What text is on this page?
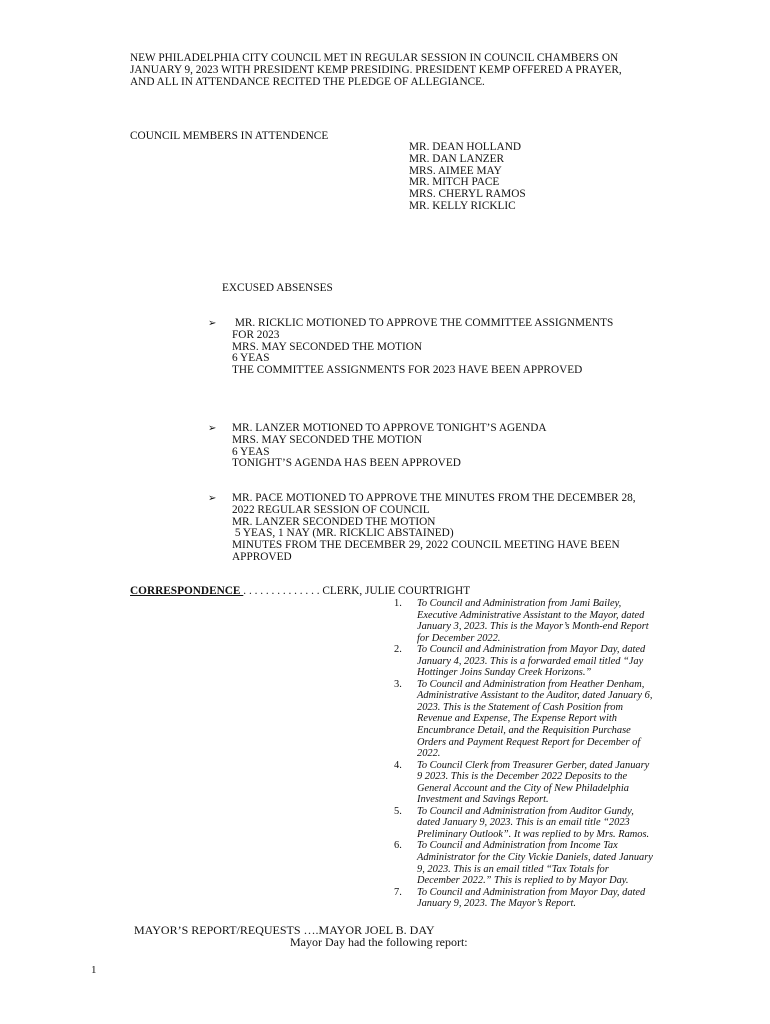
NEW PHILADELPHIA CITY COUNCIL MET IN REGULAR SESSION IN COUNCIL CHAMBERS ON
JANUARY 9, 2023 WITH PRESIDENT KEMP PRESIDING. PRESIDENT KEMP OFFERED A PRAYER,
AND ALL IN ATTENDANCE RECITED THE PLEDGE OF ALLEGIANCE.
COUNCIL MEMBERS IN ATTENDENCE
MR. DEAN HOLLAND
MR. DAN LANZER
MRS. AIMEE MAY
MR. MITCH PACE
MRS. CHERYL RAMOS
MR. KELLY RICKLIC
EXCUSED ABSENSES
➢ MR. RICKLIC MOTIONED TO APPROVE THE COMMITTEE ASSIGNMENTS
FOR 2023
MRS. MAY SECONDED THE MOTION
6 YEAS
THE COMMITTEE ASSIGNMENTS FOR 2023 HAVE BEEN APPROVED
➢ MR. LANZER MOTIONED TO APPROVE TONIGHT’S AGENDA
MRS. MAY SECONDED THE MOTION
6 YEAS
TONIGHT’S AGENDA HAS BEEN APPROVED
➢ MR. PACE MOTIONED TO APPROVE THE MINUTES FROM THE DECEMBER 28,
2022 REGULAR SESSION OF COUNCIL
MR. LANZER SECONDED THE MOTION
5 YEAS, 1 NAY (MR. RICKLIC ABSTAINED)
MINUTES FROM THE DECEMBER 29, 2022 COUNCIL MEETING HAVE BEEN
APPROVED
CORRESPONDENCE . . . . . . . . . . . . . . CLERK, JULIE COURTRIGHT
1. To Council and Administration from Jami Bailey,
Executive Administrative Assistant to the Mayor, dated
January 3, 2023. This is the Mayor’s Month-end Report
for December 2022.
2. To Council and Administration from Mayor Day, dated
January 4, 2023. This is a forwarded email titled “Jay
Hottinger Joins Sunday Creek Horizons.”
3. To Council and Administration from Heather Denham,
Administrative Assistant to the Auditor, dated January 6,
2023. This is the Statement of Cash Position from
Revenue and Expense, The Expense Report with
Encumbrance Detail, and the Requisition Purchase
Orders and Payment Request Report for December of
2022.
4. To Council Clerk from Treasurer Gerber, dated January
9 2023. This is the December 2022 Deposits to the
General Account and the City of New Philadelphia
Investment and Savings Report.
5. To Council and Administration from Auditor Gundy,
dated January 9, 2023. This is an email title “2023
Preliminary Outlook”. It was replied to by Mrs. Ramos.
6. To Council and Administration from Income Tax
Administrator for the City Vickie Daniels, dated January
9, 2023. This is an email titled “Tax Totals for
December 2022.” This is replied to by Mayor Day.
7. To Council and Administration from Mayor Day, dated
January 9, 2023. The Mayor’s Report.
MAYOR’S REPORT/REQUESTS ….MAYOR JOEL B. DAY
Mayor Day had the following report:
1
